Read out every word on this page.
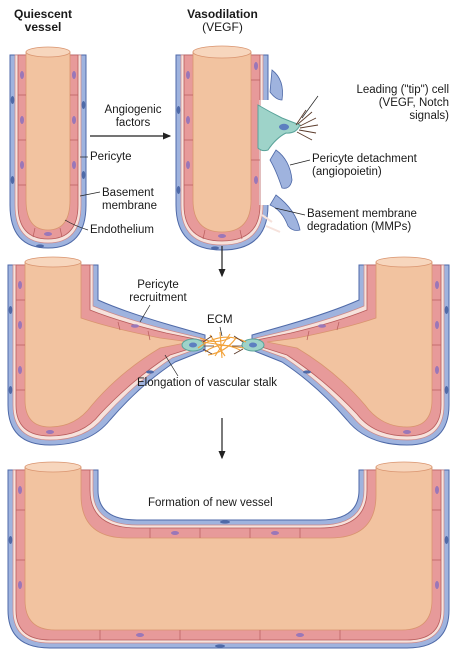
Quiescent
vessel
Vasodilation
(VEGF)
Angiogenic
factors
Pericyte
Basement
membrane
Endothelium
Leading ("tip") cell
(VEGF, Notch
signals)
Pericyte detachment
(angiopoietin)
Basement membrane
degradation (MMPs)
Pericyte
recruitment
ECM
Elongation of vascular stalk
Formation of new vessel
